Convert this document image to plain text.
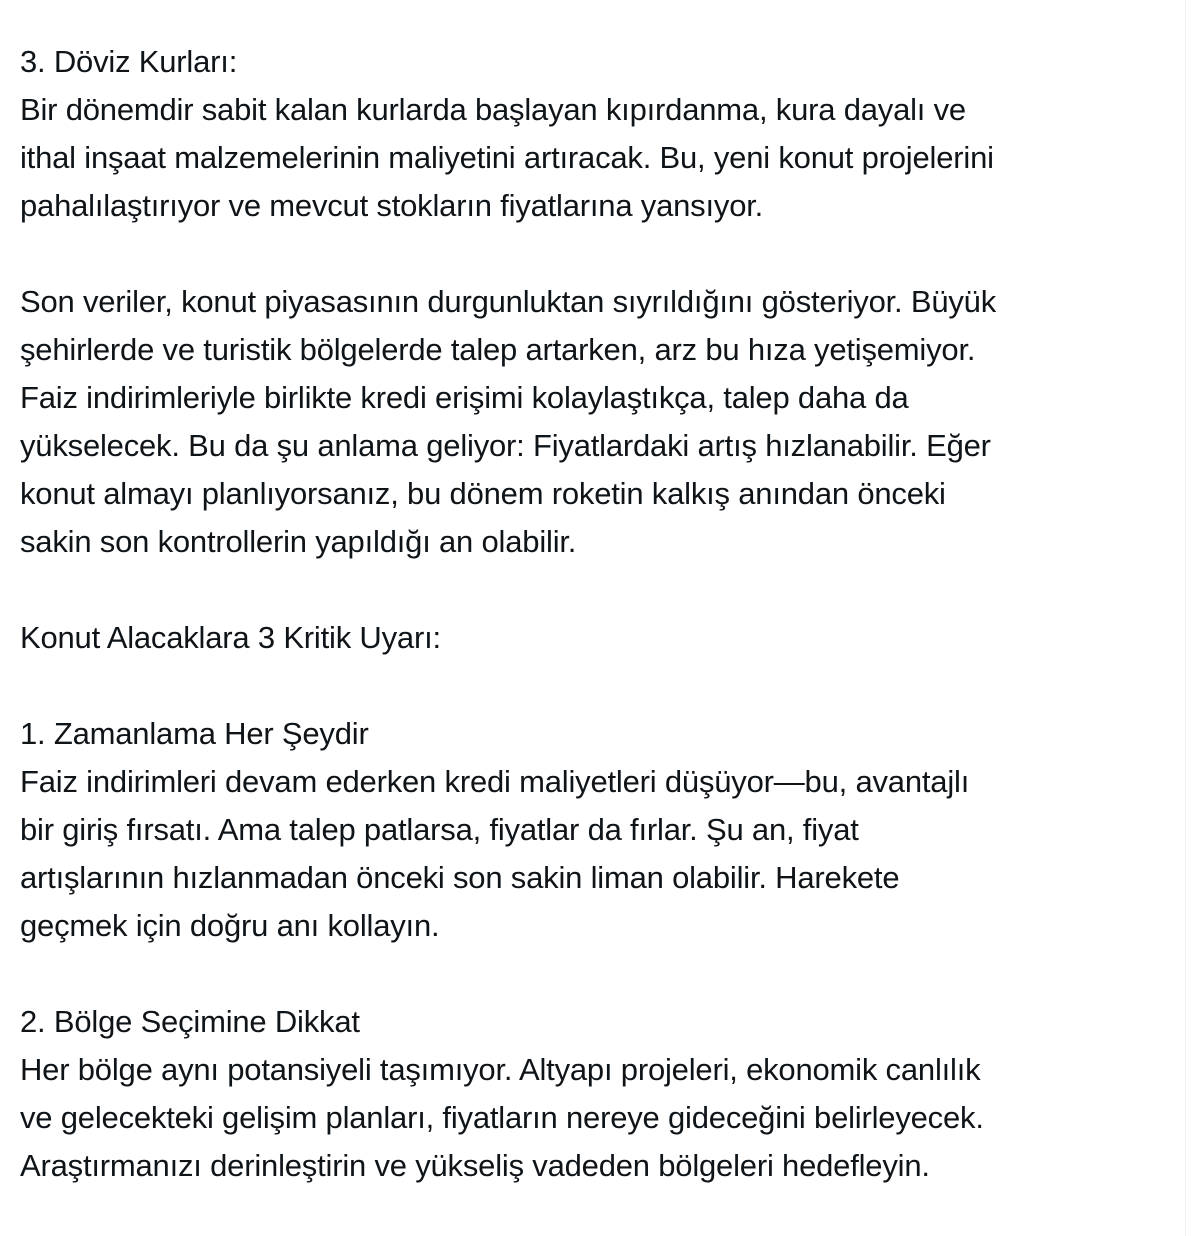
3. Döviz Kurları:
Bir dönemdir sabit kalan kurlarda başlayan kıpırdanma, kura dayalı ve
ithal inşaat malzemelerinin maliyetini artıracak. Bu, yeni konut projelerini
pahalılaştırıyor ve mevcut stokların fiyatlarına yansıyor.
Son veriler, konut piyasasının durgunluktan sıyrıldığını gösteriyor. Büyük
şehirlerde ve turistik bölgelerde talep artarken, arz bu hıza yetişemiyor.
Faiz indirimleriyle birlikte kredi erişimi kolaylaştıkça, talep daha da
yükselecek. Bu da şu anlama geliyor: Fiyatlardaki artış hızlanabilir. Eğer
konut almayı planlıyorsanız, bu dönem roketin kalkış anından önceki
sakin son kontrollerin yapıldığı an olabilir.
Konut Alacaklara 3 Kritik Uyarı:
1. Zamanlama Her Şeydir
Faiz indirimleri devam ederken kredi maliyetleri düşüyor—bu, avantajlı
bir giriş fırsatı. Ama talep patlarsa, fiyatlar da fırlar. Şu an, fiyat
artışlarının hızlanmadan önceki son sakin liman olabilir. Harekete
geçmek için doğru anı kollayın.
2. Bölge Seçimine Dikkat
Her bölge aynı potansiyeli taşımıyor. Altyapı projeleri, ekonomik canlılık
ve gelecekteki gelişim planları, fiyatların nereye gideceğini belirleyecek.
Araştırmanızı derinleştirin ve yükseliş vadeden bölgeleri hedefleyin.
